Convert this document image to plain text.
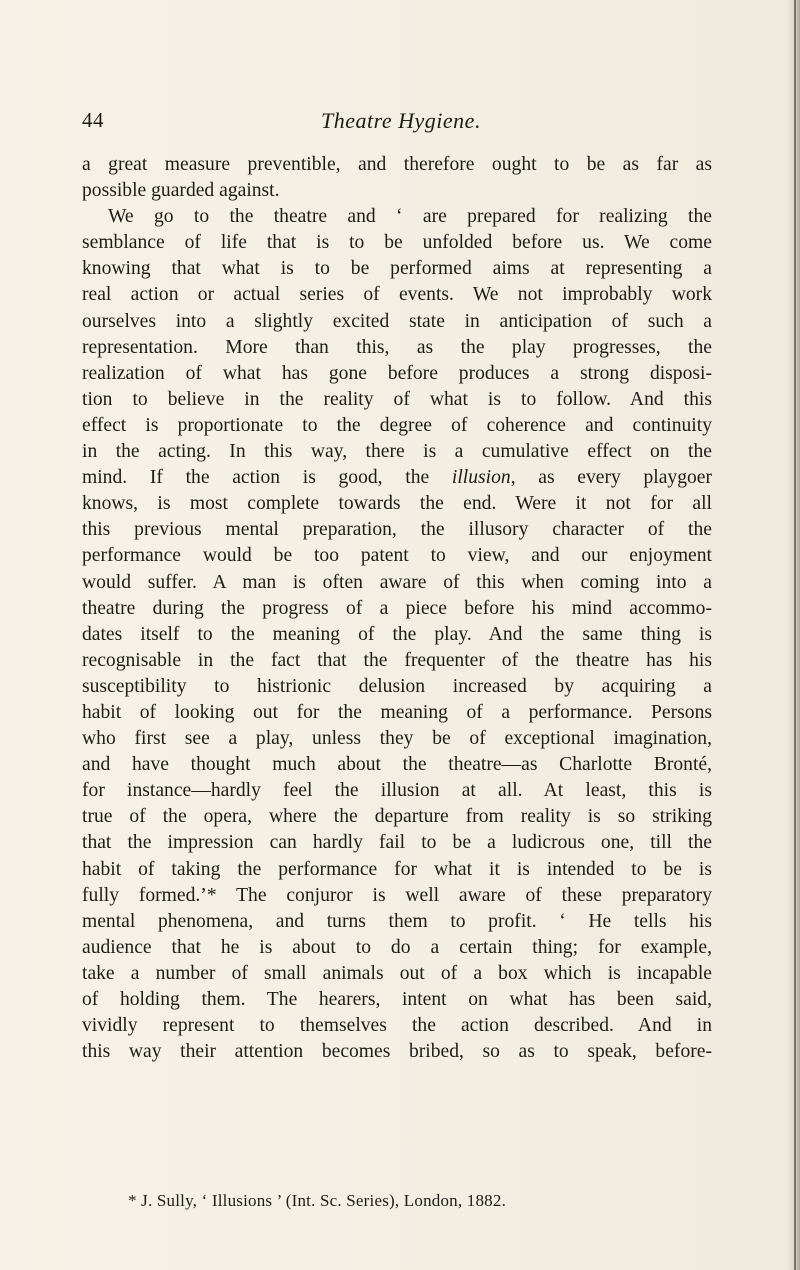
44	Theatre Hygiene.
a great measure preventible, and therefore ought to be as far as
possible guarded against.
We go to the theatre and ‘ are prepared for realizing the
semblance of life that is to be unfolded before us. We come
knowing that what is to be performed aims at representing a
real action or actual series of events. We not improbably work
ourselves into a slightly excited state in anticipation of such a
representation. More than this, as the play progresses, the
realization of what has gone before produces a strong disposi-
tion to believe in the reality of what is to follow. And this
effect is proportionate to the degree of coherence and continuity
in the acting. In this way, there is a cumulative effect on the
mind. If the action is good, the illusion, as every playgoer
knows, is most complete towards the end. Were it not for all
this previous mental preparation, the illusory character of the
performance would be too patent to view, and our enjoyment
would suffer. A man is often aware of this when coming into a
theatre during the progress of a piece before his mind accommo-
dates itself to the meaning of the play. And the same thing is
recognisable in the fact that the frequenter of the theatre has his
susceptibility to histrionic delusion increased by acquiring a
habit of looking out for the meaning of a performance. Persons
who first see a play, unless they be of exceptional imagination,
and have thought much about the theatre—as Charlotte Bronté,
for instance—hardly feel the illusion at all. At least, this is
true of the opera, where the departure from reality is so striking
that the impression can hardly fail to be a ludicrous one, till the
habit of taking the performance for what it is intended to be is
fully formed.’* The conjuror is well aware of these preparatory
mental phenomena, and turns them to profit. ‘ He tells his
audience that he is about to do a certain thing; for example,
take a number of small animals out of a box which is incapable
of holding them. The hearers, intent on what has been said,
vividly represent to themselves the action described. And in
this way their attention becomes bribed, so as to speak, before-
* J. Sully, ‘ Illusions ’ (Int. Sc. Series), London, 1882.
